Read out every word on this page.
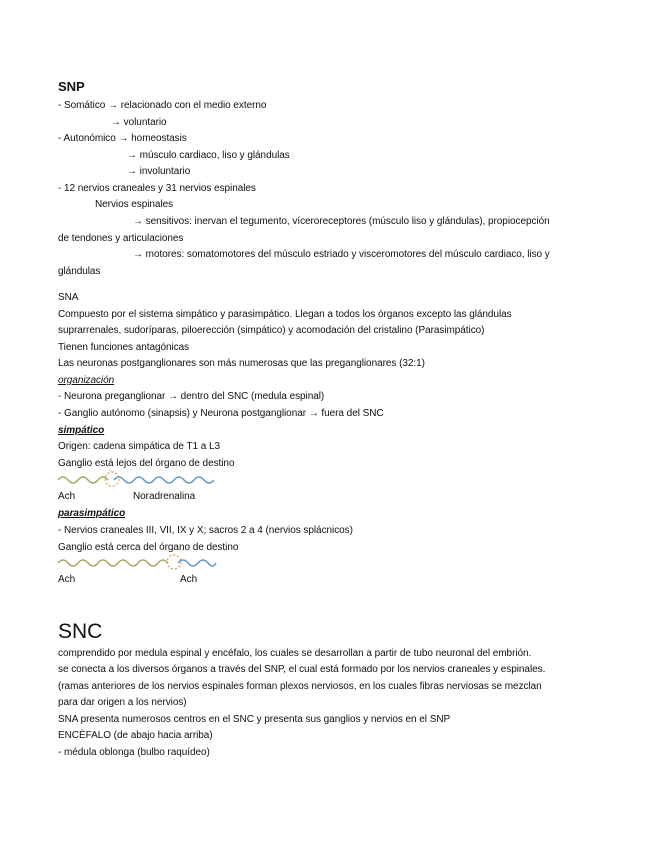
SNP
- Somático → relacionado con el medio externo
→ voluntario
- Autonómico → homeostasis
→ músculo cardiaco, liso y glándulas
→ involuntario
- 12 nervios craneales y 31 nervios espinales
Nervios espinales
→ sensitivos: inervan el tegumento, víceroreceptores (músculo liso y glándulas), propiocepción
de tendones y articulaciones
→ motores: somatomotores del músculo estriado y visceromotores del músculo cardiaco, liso y
glándulas
SNA
Compuesto por el sistema simpático y parasimpático. Llegan a todos los órganos excepto las glándulas
suprarrenales, sudoríparas, piloerección (simpático) y acomodación del cristalino (Parasimpático)
Tienen funciones antagónicas
Las neuronas postganglionares son más numerosas que las preganglionares (32:1)
organización
- Neurona preganglionar → dentro del SNC (medula espinal)
- Ganglio autónomo (sinapsis) y Neurona postganglionar → fuera del SNC
simpático
Origen: cadena simpática de T1 a L3
Ganglio está lejos del órgano de destino
Ach	Noradrenalina
parasimpático
- Nervios craneales III, VII, IX y X; sacros 2 a 4 (nervios splácnicos)
Ganglio está cerca del órgano de destino
Ach	Ach
SNC
comprendido por medula espinal y encéfalo, los cuales se desarrollan a partir de tubo neuronal del embrión.
se conecta a los diversos órganos a través del SNP, el cual está formado por los nervios craneales y espinales.
(ramas anteriores de los nervios espinales forman plexos nerviosos, en los cuales fibras nerviosas se mezclan
para dar origen a los nervios)
SNA presenta numerosos centros en el SNC y presenta sus ganglios y nervios en el SNP
ENCÈFALO (de abajo hacia arriba)
- médula oblonga (bulbo raquídeo)
